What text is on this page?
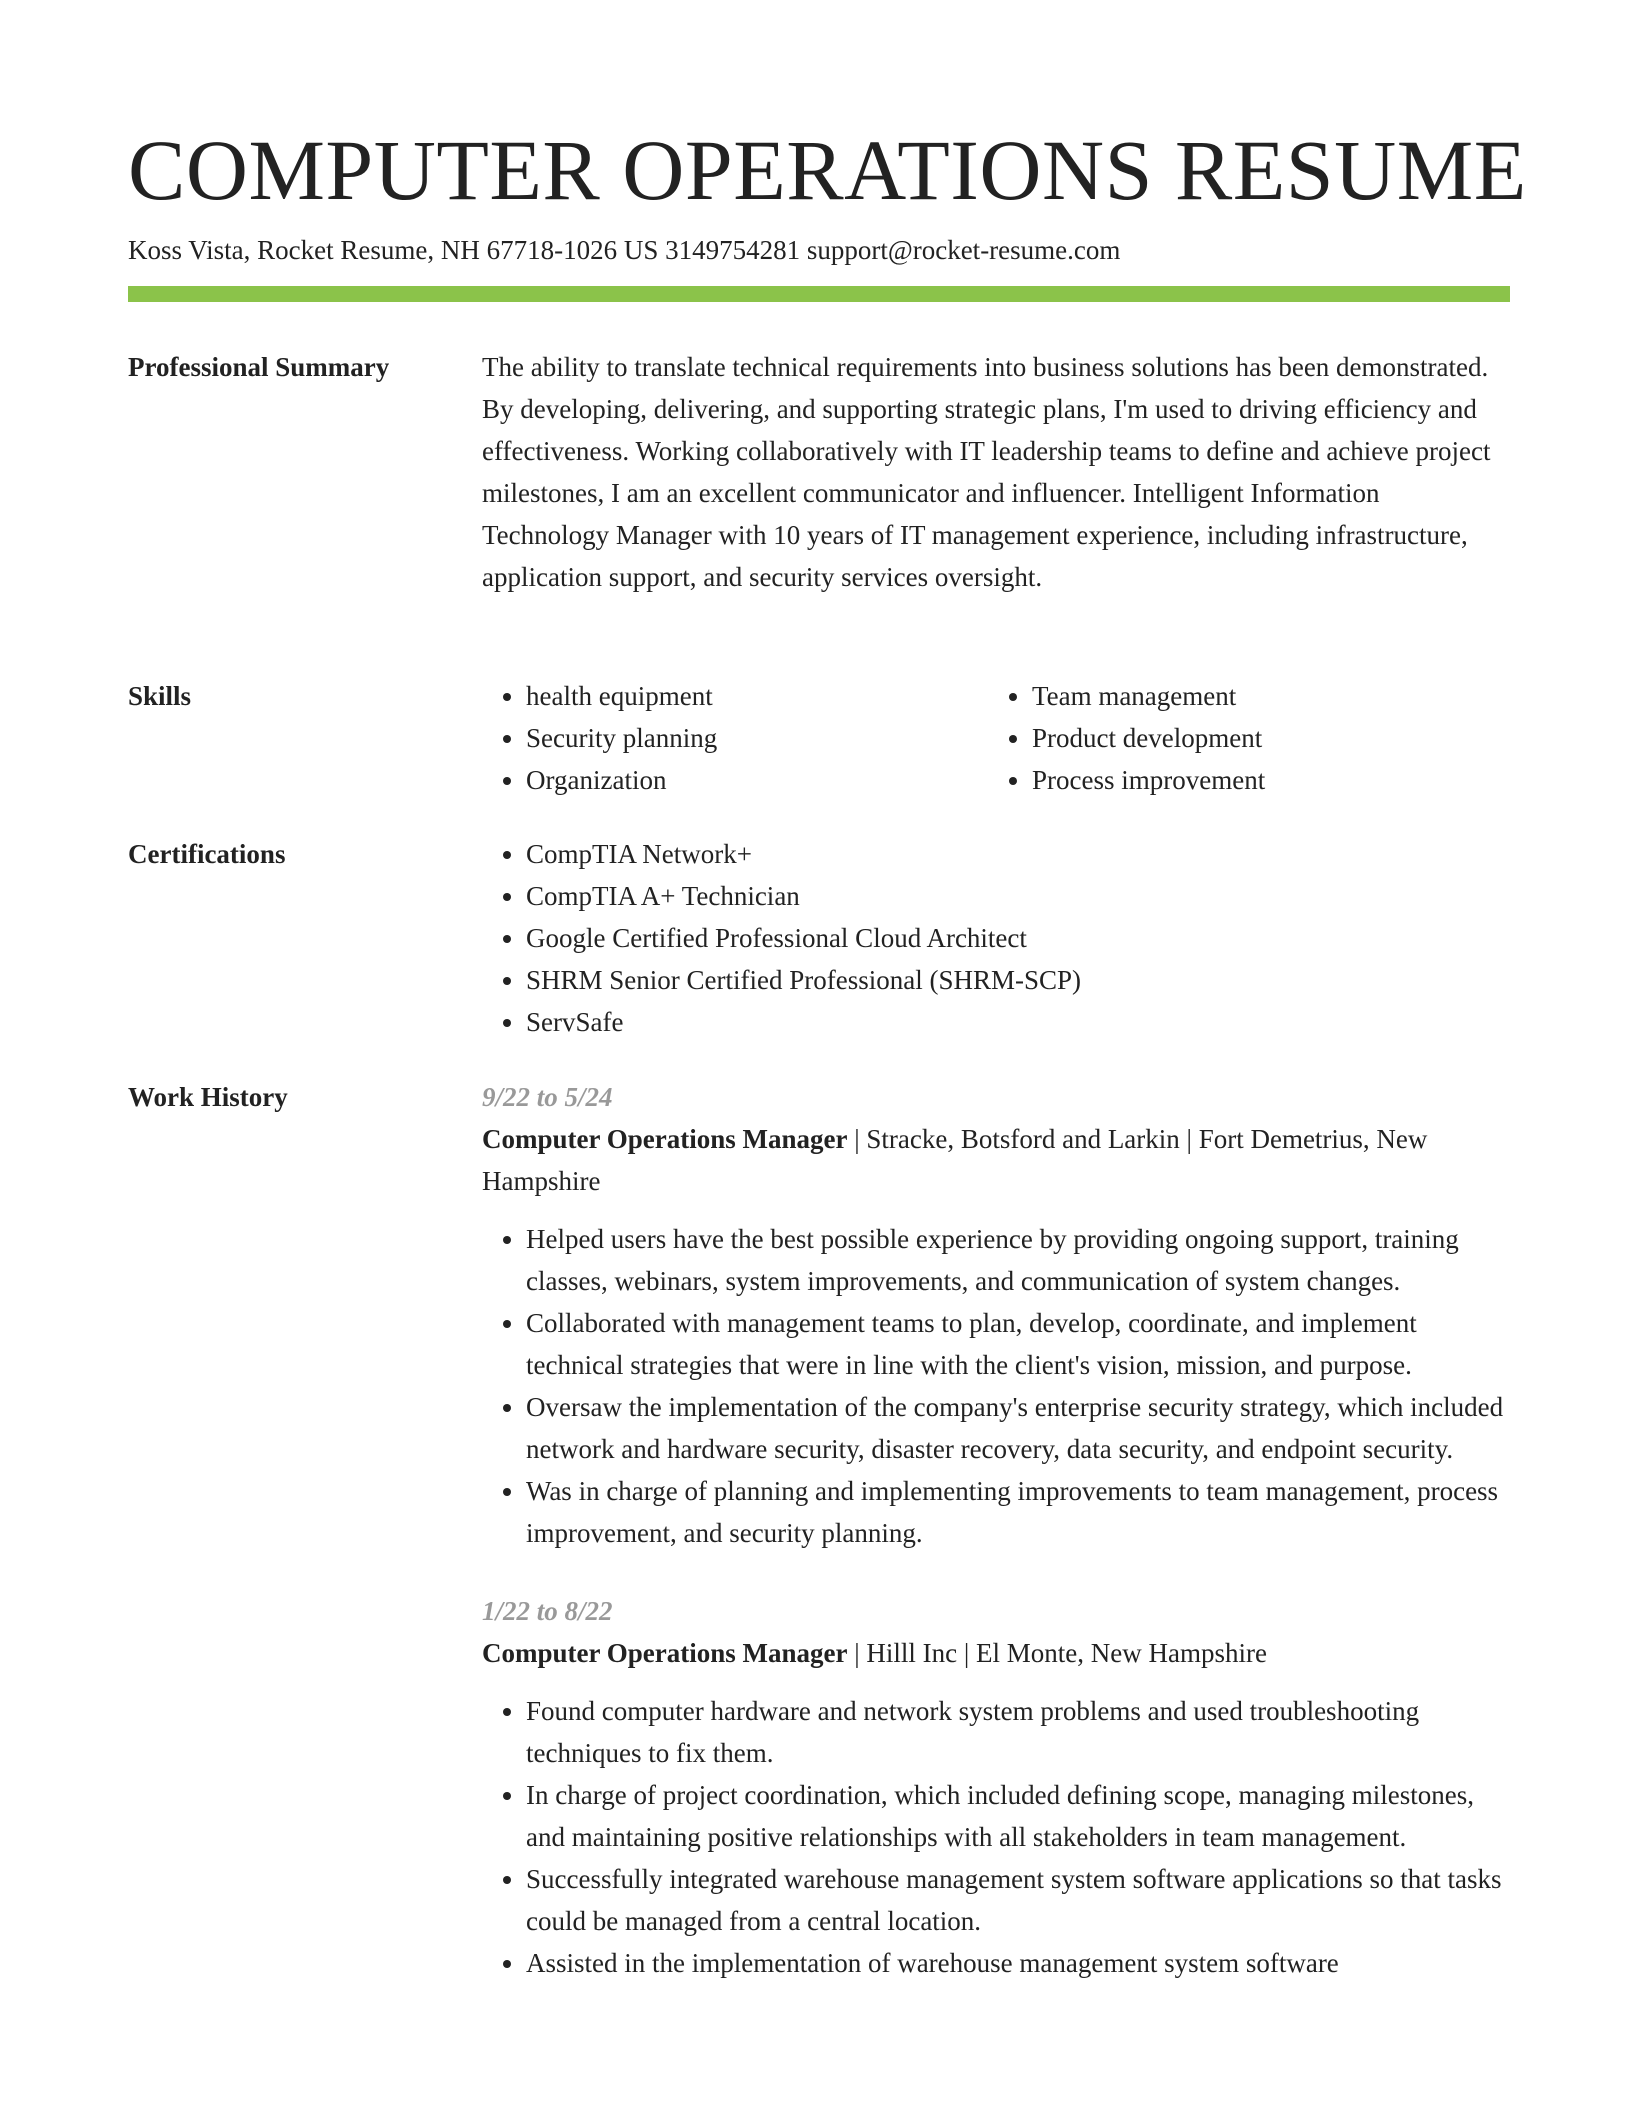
COMPUTER OPERATIONS RESUME
Koss Vista, Rocket Resume, NH 67718-1026 US 3149754281 support@rocket-resume.com
Professional Summary	The ability to translate technical requirements into business solutions has been demonstrated. By developing, delivering, and supporting strategic plans, I'm used to driving efficiency and effectiveness. Working collaboratively with IT leadership teams to define and achieve project milestones, I am an excellent communicator and influencer. Intelligent Information Technology Manager with 10 years of IT management experience, including infrastructure, application support, and security services oversight.

Skills	• health equipment
• Security planning
• Organization
• Team management
• Product development
• Process improvement
Certifications	• CompTIA Network+
• CompTIA A+ Technician
• Google Certified Professional Cloud Architect
• SHRM Senior Certified Professional (SHRM-SCP)
• ServSafe
Work History	9/22 to 5/24
Computer Operations Manager | Stracke, Botsford and Larkin | Fort Demetrius, New Hampshire
• Helped users have the best possible experience by providing ongoing support, training classes, webinars, system improvements, and communication of system changes.
• Collaborated with management teams to plan, develop, coordinate, and implement technical strategies that were in line with the client's vision, mission, and purpose.
• Oversaw the implementation of the company's enterprise security strategy, which included network and hardware security, disaster recovery, data security, and endpoint security.
• Was in charge of planning and implementing improvements to team management, process improvement, and security planning.
1/22 to 8/22
Computer Operations Manager | Hilll Inc | El Monte, New Hampshire
• Found computer hardware and network system problems and used troubleshooting techniques to fix them.
• In charge of project coordination, which included defining scope, managing milestones, and maintaining positive relationships with all stakeholders in team management.
• Successfully integrated warehouse management system software applications so that tasks could be managed from a central location.
• Assisted in the implementation of warehouse management system software
